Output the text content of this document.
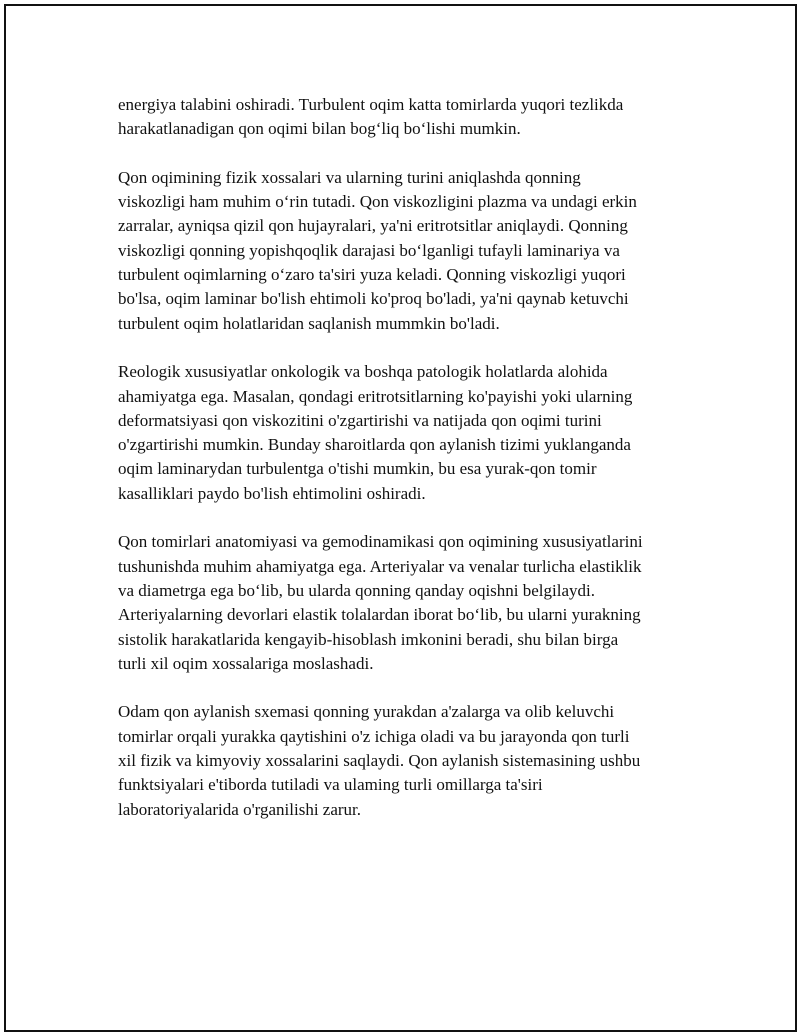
energiya talabini oshiradi. Turbulent oqim katta tomirlarda yuqori tezlikda
harakatlanadigan qon oqimi bilan bog‘liq bo‘lishi mumkin.

Qon oqimining fizik xossalari va ularning turini aniqlashda qonning
viskozligi ham muhim o‘rin tutadi. Qon viskozligini plazma va undagi erkin
zarralar, ayniqsa qizil qon hujayralari, ya'ni eritrotsitlar aniqlaydi. Qonning
viskozligi qonning yopishqoqlik darajasi bo‘lganligi tufayli laminariya va
turbulent oqimlarning o‘zaro ta'siri yuza keladi. Qonning viskozligi yuqori
bo'lsa, oqim laminar bo'lish ehtimoli ko'proq bo'ladi, ya'ni qaynab ketuvchi
turbulent oqim holatlaridan saqlanish mummkin bo'ladi.

Reologik xususiyatlar onkologik va boshqa patologik holatlarda alohida
ahamiyatga ega. Masalan, qondagi eritrotsitlarning ko'payishi yoki ularning
deformatsiyasi qon viskozitini o'zgartirishi va natijada qon oqimi turini
o'zgartirishi mumkin. Bunday sharoitlarda qon aylanish tizimi yuklanganda
oqim laminarydan turbulentga o'tishi mumkin, bu esa yurak-qon tomir
kasalliklari paydo bo'lish ehtimolini oshiradi.

Qon tomirlari anatomiyasi va gemodinamikasi qon oqimining xususiyatlarini
tushunishda muhim ahamiyatga ega. Arteriyalar va venalar turlicha elastiklik
va diametrga ega bo‘lib, bu ularda qonning qanday oqishni belgilaydi.
Arteriyalarning devorlari elastik tolalardan iborat bo‘lib, bu ularni yurakning
sistolik harakatlarida kengayib-hisoblash imkonini beradi, shu bilan birga
turli xil oqim xossalariga moslashadi.

Odam qon aylanish sxemasi qonning yurakdan a'zalarga va olib keluvchi
tomirlar orqali yurakka qaytishini o'z ichiga oladi va bu jarayonda qon turli
xil fizik va kimyoviy xossalarini saqlaydi. Qon aylanish sistemasining ushbu
funktsiyalari e'tiborda tutiladi va ulaming turli omillarga ta'siri
laboratoriyalarida o'rganilishi zarur.
